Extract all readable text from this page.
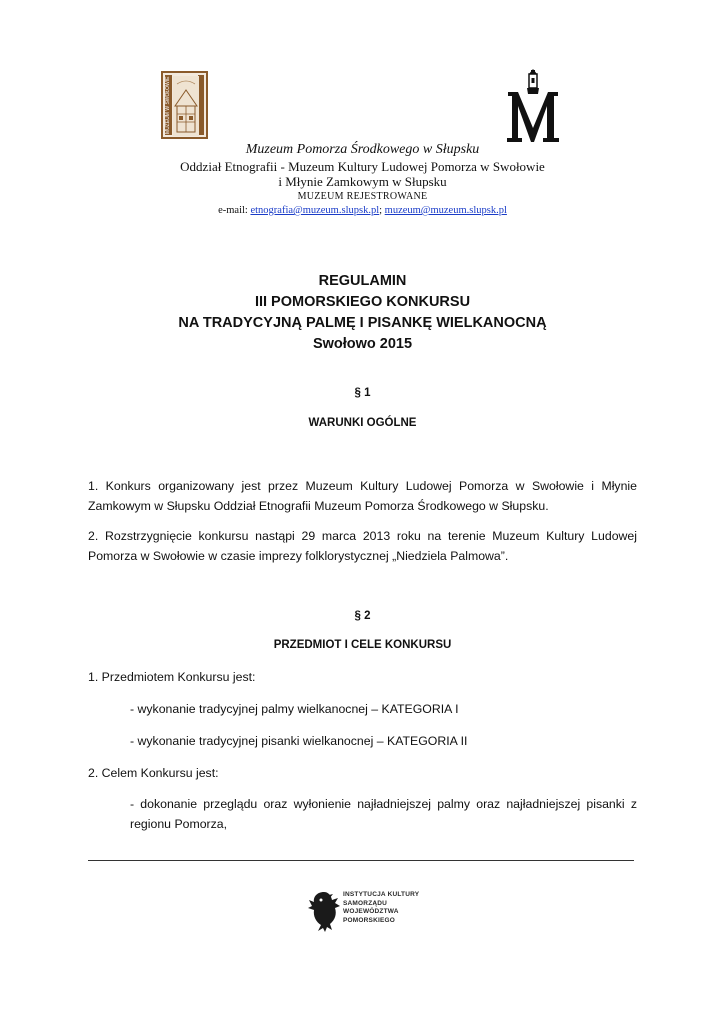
MUZEUM W SWOŁOWIE
Muzeum Pomorza Środkowego w Słupsku
Oddział Etnografii - Muzeum Kultury Ludowej Pomorza w Swołowie
i Młynie Zamkowym w Słupsku
MUZEUM REJESTROWANE
e-mail: etnografia@muzeum.slupsk.pl; muzeum@muzeum.slupsk.pl
REGULAMIN
III POMORSKIEGO KONKURSU
NA TRADYCYJNĄ PALMĘ I PISANKĘ WIELKANOCNĄ
Swołowo 2015
§ 1
WARUNKI OGÓLNE
1. Konkurs organizowany jest przez Muzeum Kultury Ludowej Pomorza w Swołowie i Młynie Zamkowym w Słupsku Oddział Etnografii Muzeum Pomorza Środkowego w Słupsku.
2. Rozstrzygnięcie konkursu nastąpi 29 marca 2013 roku na terenie Muzeum Kultury Ludowej Pomorza w Swołowie w czasie imprezy folklorystycznej „Niedziela Palmowa”.
§ 2
PRZEDMIOT I CELE KONKURSU
1. Przedmiotem Konkursu jest:
- wykonanie tradycyjnej palmy wielkanocnej – KATEGORIA I
- wykonanie tradycyjnej pisanki wielkanocnej – KATEGORIA II
2. Celem Konkursu jest:
- dokonanie przeglądu oraz wyłonienie najładniejszej palmy oraz najładniejszej pisanki z regionu Pomorza,
INSTYTUCJA KULTURY
SAMORZĄDU
WOJEWÓDZTWA
POMORSKIEGO
